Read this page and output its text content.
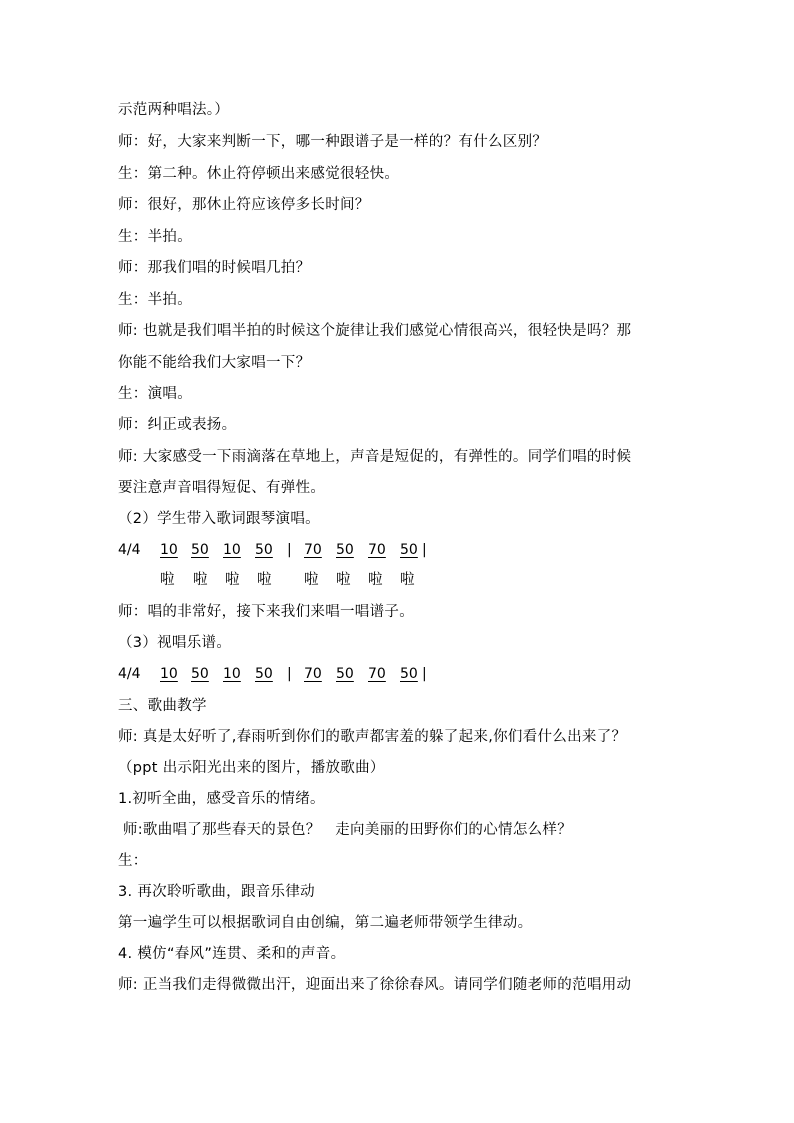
示范两种唱法。）
师：好，大家来判断一下，哪一种跟谱子是一样的？有什么区别？
生：第二种。休止符停顿出来感觉很轻快。
师：很好，那休止符应该停多长时间？
生：半拍。
师：那我们唱的时候唱几拍？
生：半拍。
师: 也就是我们唱半拍的时候这个旋律让我们感觉心情很高兴，很轻快是吗？那
你能不能给我们大家唱一下？
生：演唱。
师：纠正或表扬。
师: 大家感受一下雨滴落在草地上，声音是短促的，有弹性的。同学们唱的时候
要注意声音唱得短促、有弹性。
（2）学生带入歌词跟琴演唱。
4/4 10 50 10 50 | 70 50 70 50 |
啦 啦 啦 啦 啦 啦 啦 啦
师：唱的非常好，接下来我们来唱一唱谱子。
（3）视唱乐谱。
4/4 10 50 10 50 | 70 50 70 50 |
三、歌曲教学
师: 真是太好听了,春雨听到你们的歌声都害羞的躲了起来,你们看什么出来了？
（ppt 出示阳光出来的图片，播放歌曲）
1.初听全曲，感受音乐的情绪。
师:歌曲唱了那些春天的景色？   走向美丽的田野你们的心情怎么样？
生：
3. 再次聆听歌曲，跟音乐律动
第一遍学生可以根据歌词自由创编，第二遍老师带领学生律动。
4. 模仿“春风”连贯、柔和的声音。
师: 正当我们走得微微出汗，迎面出来了徐徐春风。请同学们随老师的范唱用动
